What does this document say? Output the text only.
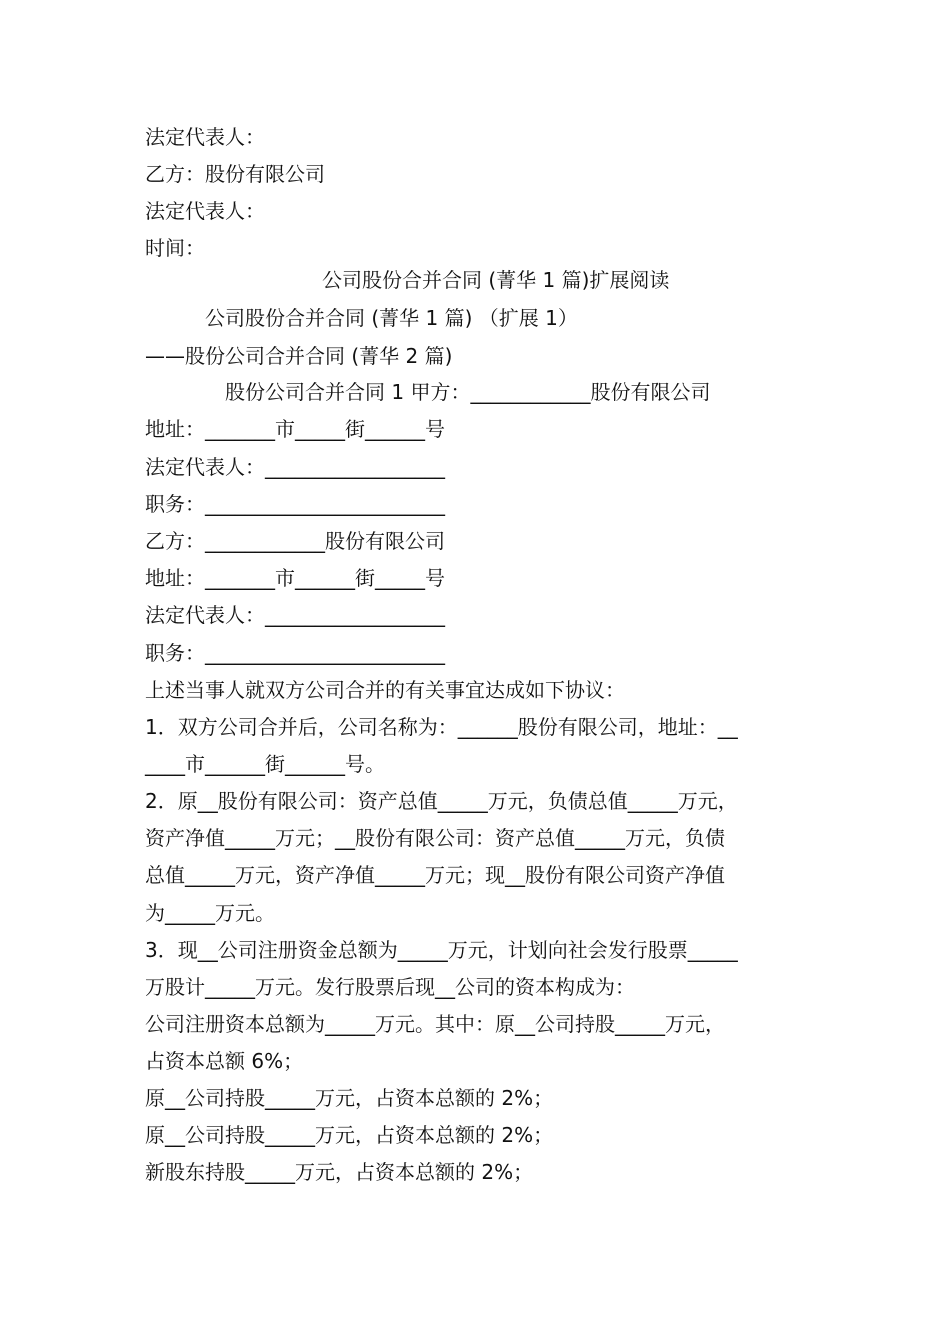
法定代表人：
乙方：股份有限公司
法定代表人：
时间：
公司股份合并合同 (菁华 1 篇)扩展阅读
公司股份合并合同 (菁华 1 篇) （扩展 1）
——股份公司合并合同 (菁华 2 篇)
股份公司合并合同 1 甲方：____________股份有限公司
地址：_______市_____街______号
法定代表人：__________________
职务：________________________
乙方：____________股份有限公司
地址：_______市______街_____号
法定代表人：__________________
职务：________________________
上述当事人就双方公司合并的有关事宜达成如下协议：
1．双方公司合并后，公司名称为：______股份有限公司，地址：__
____市______街______号。
2．原__股份有限公司：资产总值_____万元，负债总值_____万元，
资产净值_____万元；__股份有限公司：资产总值_____万元，负债
总值_____万元，资产净值_____万元；现__股份有限公司资产净值
为_____万元。
3．现__公司注册资金总额为_____万元，计划向社会发行股票_____
万股计_____万元。发行股票后现__公司的资本构成为：
公司注册资本总额为_____万元。其中：原__公司持股_____万元，
占资本总额 6%；
原__公司持股_____万元，占资本总额的 2%；
原__公司持股_____万元，占资本总额的 2%；
新股东持股_____万元，占资本总额的 2%；
